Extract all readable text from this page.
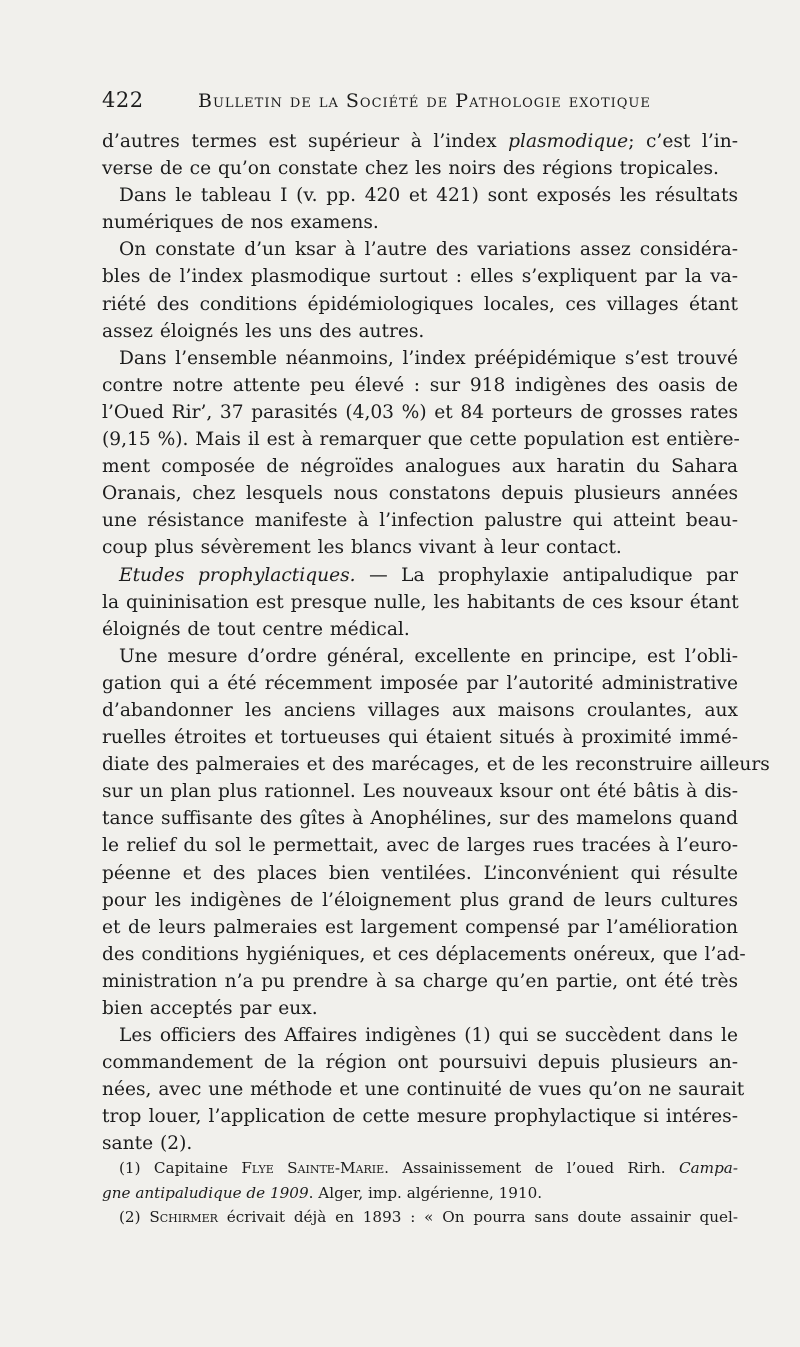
422	Bulletin de la Société de Pathologie exotique
d’autres termes est supérieur à l’index plasmodique; c’est l’in-
verse de ce qu’on constate chez les noirs des régions tropicales.
Dans le tableau I (v. pp. 420 et 421) sont exposés les résultats
numériques de nos examens.
On constate d’un ksar à l’autre des variations assez considéra-
bles de l’index plasmodique surtout : elles s’expliquent par la va-
riété des conditions épidémiologiques locales, ces villages étant
assez éloignés les uns des autres.
Dans l’ensemble néanmoins, l’index préépidémique s’est trouvé
contre notre attente peu élevé : sur 918 indigènes des oasis de
l’Oued Rir’, 37 parasités (4,03 %) et 84 porteurs de grosses rates
(9,15 %). Mais il est à remarquer que cette population est entière-
ment composée de négroïdes analogues aux haratin du Sahara
Oranais, chez lesquels nous constatons depuis plusieurs années
une résistance manifeste à l’infection palustre qui atteint beau-
coup plus sévèrement les blancs vivant à leur contact.
Etudes prophylactiques. — La prophylaxie antipaludique par
la quininisation est presque nulle, les habitants de ces ksour étant
éloignés de tout centre médical.
Une mesure d’ordre général, excellente en principe, est l’obli-
gation qui a été récemment imposée par l’autorité administrative
d’abandonner les anciens villages aux maisons croulantes, aux
ruelles étroites et tortueuses qui étaient situés à proximité immé-
diate des palmeraies et des marécages, et de les reconstruire ailleurs
sur un plan plus rationnel. Les nouveaux ksour ont été bâtis à dis-
tance suffisante des gîtes à Anophélines, sur des mamelons quand
le relief du sol le permettait, avec de larges rues tracées à l’euro-
péenne et des places bien ventilées. L’inconvénient qui résulte
pour les indigènes de l’éloignement plus grand de leurs cultures
et de leurs palmeraies est largement compensé par l’amélioration
des conditions hygiéniques, et ces déplacements onéreux, que l’ad-
ministration n’a pu prendre à sa charge qu’en partie, ont été très
bien acceptés par eux.
Les officiers des Affaires indigènes (1) qui se succèdent dans le
commandement de la région ont poursuivi depuis plusieurs an-
nées, avec une méthode et une continuité de vues qu’on ne saurait
trop louer, l’application de cette mesure prophylactique si intéres-
sante (2).
(1) Capitaine Flye Sainte-Marie. Assainissement de l’oued Rirh. Campa-
gne antipaludique de 1909. Alger, imp. algérienne, 1910.
(2) Schirmer écrivait déjà en 1893 : « On pourra sans doute assainir quel-
